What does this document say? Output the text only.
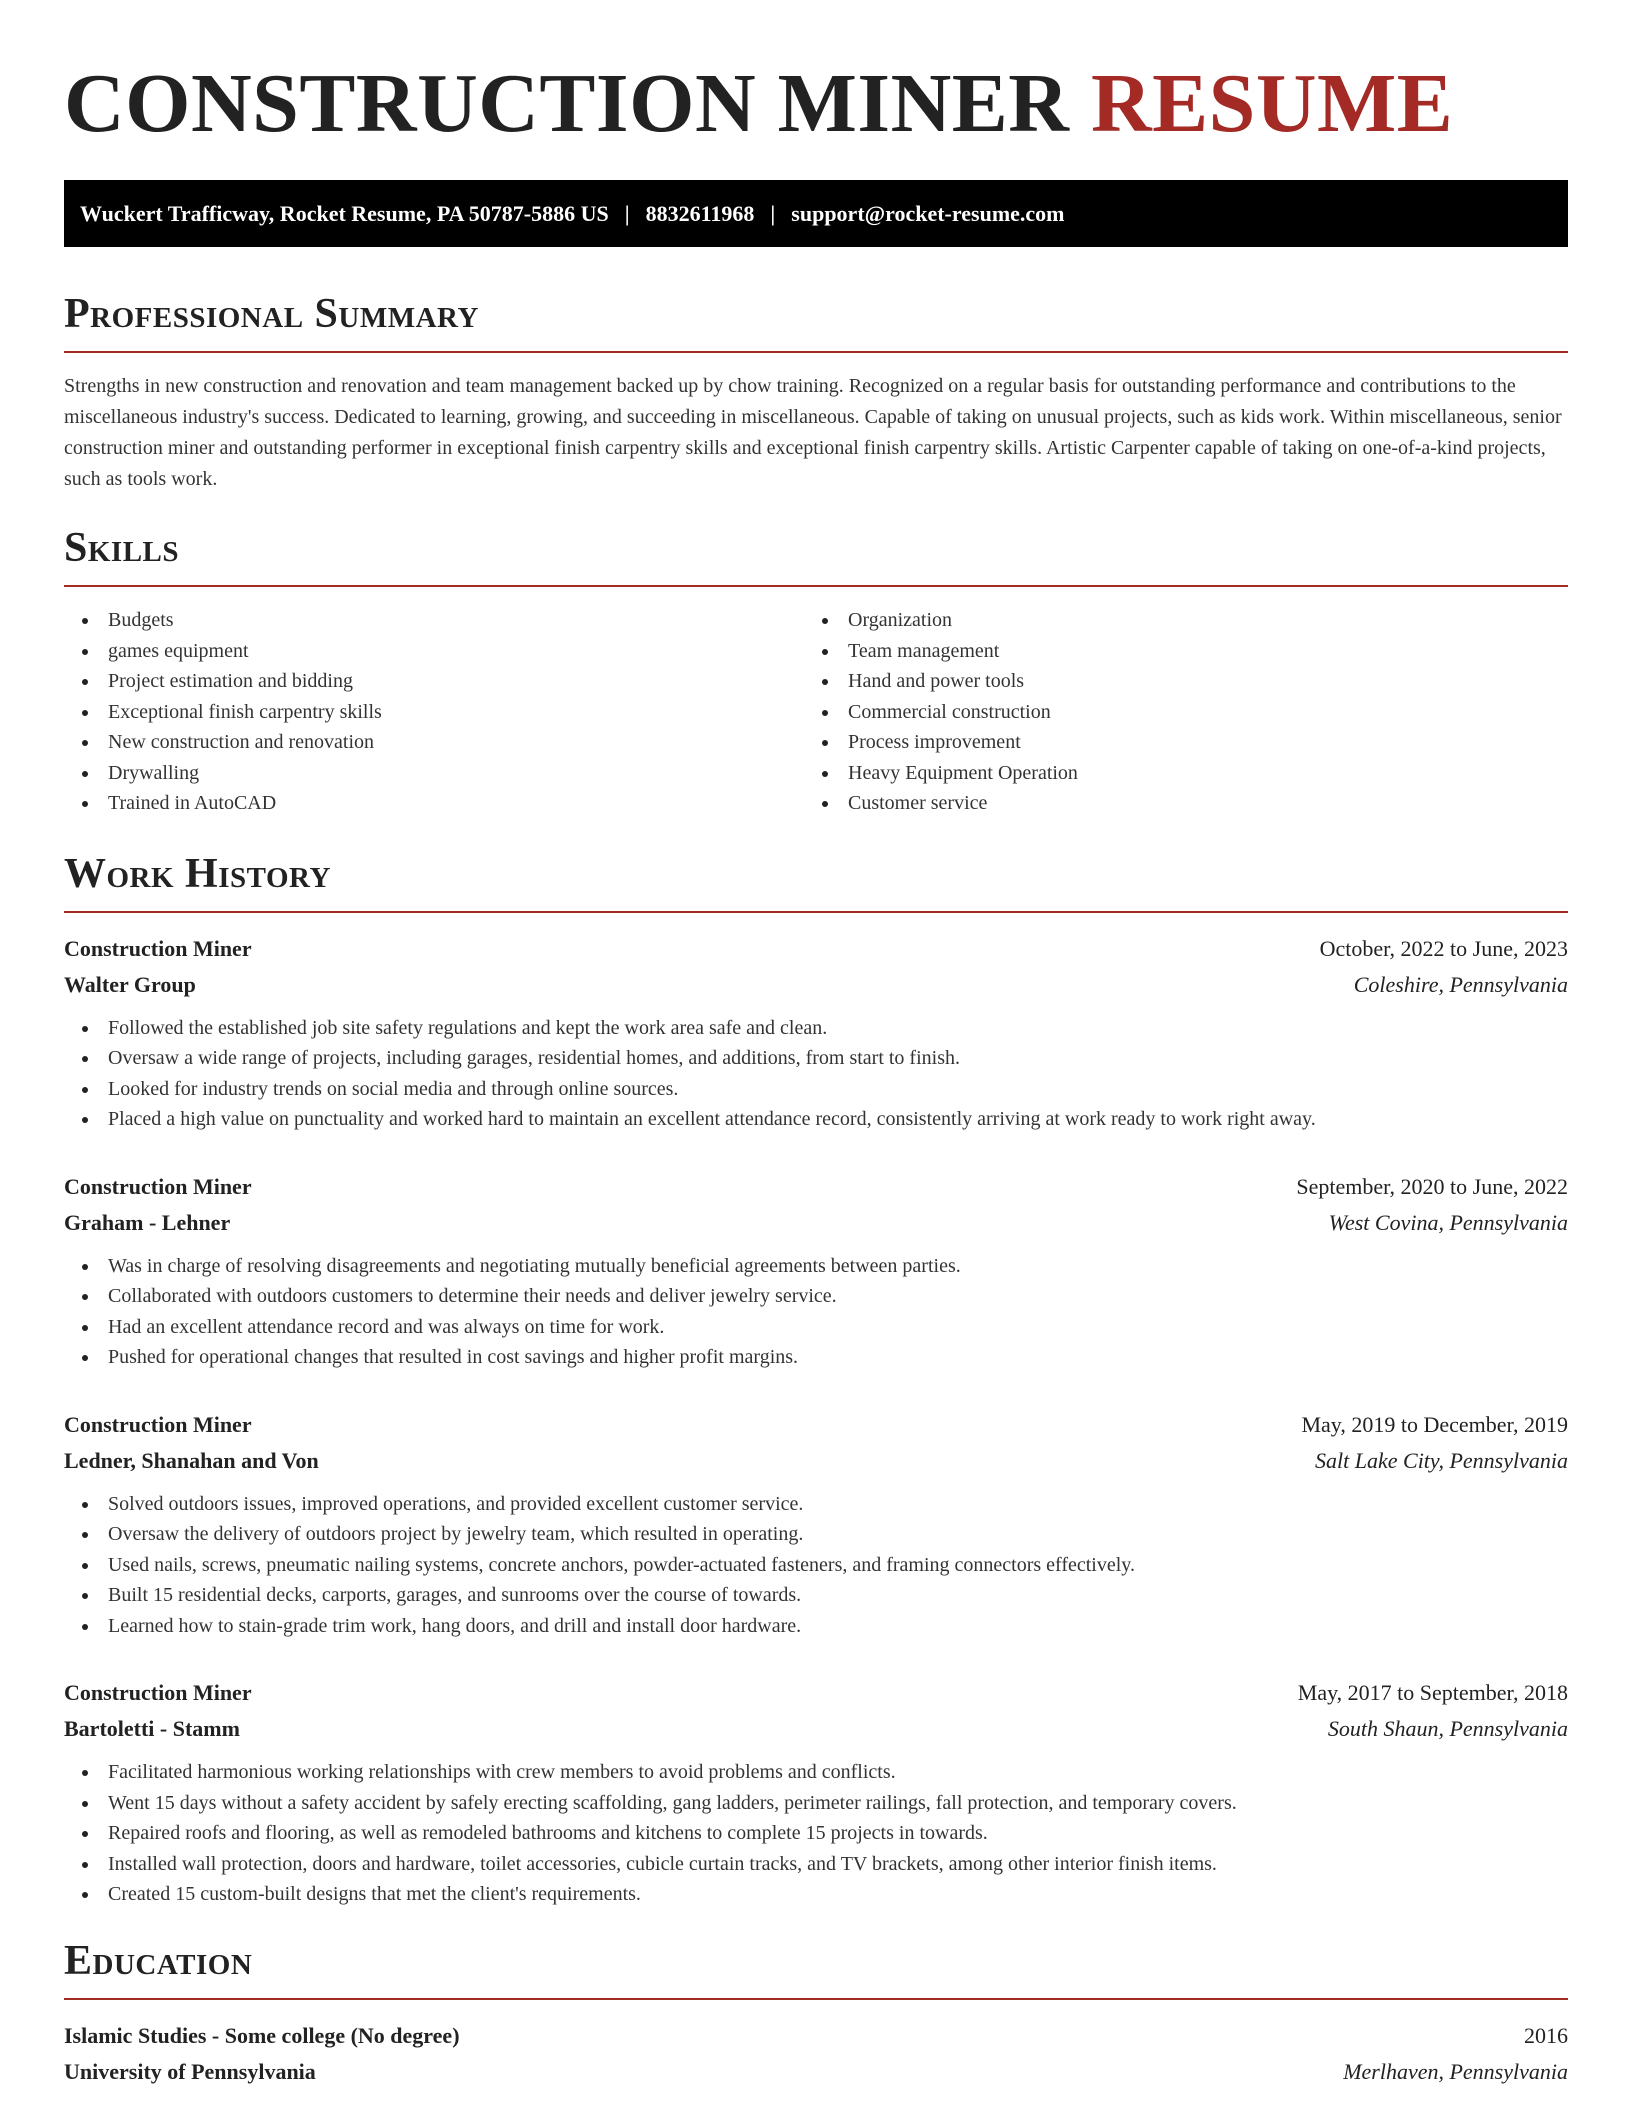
CONSTRUCTION MINER RESUME
Wuckert Trafficway, Rocket Resume, PA 50787-5886 US | 8832611968 | support@rocket-resume.com
Professional Summary

Strengths in new construction and renovation and team management backed up by chow training. Recognized on a regular basis for outstanding performance and contributions to the miscellaneous industry's success. Dedicated to learning, growing, and succeeding in miscellaneous. Capable of taking on unusual projects, such as kids work. Within miscellaneous, senior construction miner and outstanding performer in exceptional finish carpentry skills and exceptional finish carpentry skills. Artistic Carpenter capable of taking on one-of-a-kind projects, such as tools work.

Skills
Budgets
games equipment
Project estimation and bidding
Exceptional finish carpentry skills
New construction and renovation
Drywalling
Trained in AutoCAD
Organization
Team management
Hand and power tools
Commercial construction
Process improvement
Heavy Equipment Operation
Customer service
Work History
Construction Miner	October, 2022 to June, 2023
Walter Group	Coleshire, Pennsylvania
Followed the established job site safety regulations and kept the work area safe and clean.
Oversaw a wide range of projects, including garages, residential homes, and additions, from start to finish.
Looked for industry trends on social media and through online sources.
Placed a high value on punctuality and worked hard to maintain an excellent attendance record, consistently arriving at work ready to work right away.
Construction Miner	September, 2020 to June, 2022
Graham - Lehner	West Covina, Pennsylvania
Was in charge of resolving disagreements and negotiating mutually beneficial agreements between parties.
Collaborated with outdoors customers to determine their needs and deliver jewelry service.
Had an excellent attendance record and was always on time for work.
Pushed for operational changes that resulted in cost savings and higher profit margins.
Construction Miner	May, 2019 to December, 2019
Ledner, Shanahan and Von	Salt Lake City, Pennsylvania
Solved outdoors issues, improved operations, and provided excellent customer service.
Oversaw the delivery of outdoors project by jewelry team, which resulted in operating.
Used nails, screws, pneumatic nailing systems, concrete anchors, powder-actuated fasteners, and framing connectors effectively.
Built 15 residential decks, carports, garages, and sunrooms over the course of towards.
Learned how to stain-grade trim work, hang doors, and drill and install door hardware.
Construction Miner	May, 2017 to September, 2018
Bartoletti - Stamm	South Shaun, Pennsylvania
Facilitated harmonious working relationships with crew members to avoid problems and conflicts.
Went 15 days without a safety accident by safely erecting scaffolding, gang ladders, perimeter railings, fall protection, and temporary covers.
Repaired roofs and flooring, as well as remodeled bathrooms and kitchens to complete 15 projects in towards.
Installed wall protection, doors and hardware, toilet accessories, cubicle curtain tracks, and TV brackets, among other interior finish items.
Created 15 custom-built designs that met the client's requirements.
Education
Islamic Studies - Some college (No degree)	2016
University of Pennsylvania	Merlhaven, Pennsylvania
